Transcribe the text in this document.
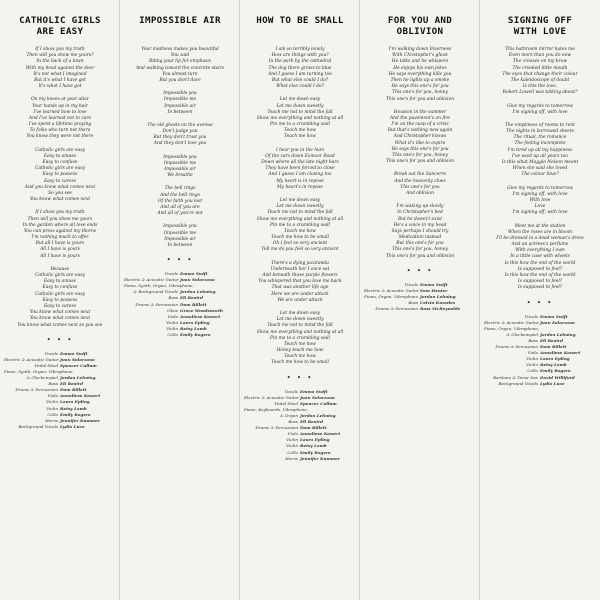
CATHOLIC GIRLS
ARE EASY
If I show you my truth
Then will you show me yours?
In the back of a town
With my head against the door
It's not what I imagined
But it's what I have got
It's what I have got
On my knees at your altar
Your hands up in my hair
I've learned how to love
And I've learned not to care
I've spent a lifetime praying
To folks who turn not there
You know they were not there
Catholic girls are easy
Easy to amuse
Easy to confuse
Catholic girls are easy
Easy to possess
Easy to caress
And you know what comes next
So you see
You know what comes next
If I show you my truth
Then will you show me yours
In the garden where all love ends
You can press against my thorns
I'm nothing much to offer
But all I have is yours
All I have is yours
All I have is yours
Because
Catholic girls are easy
Easy to amuse
Easy to confuse
Catholic girls are easy
Easy to possess
Easy to caress
You know what comes next
You know what comes next
You know what comes next so you see
• • •
Vocals Emma Swift
Electric & Acoustic GuitarJuan Solorzano
Pedal Steel Spencer Cullum
Piano, Synth, Organ, Vibraphone,
& Glockenspiel Jordan Lehning
Bass Eli Beaird
Drums & Percussion Dom Billett
Viola Annaliese Kowert
Violin Laura Epling
Violin Betsy Lamb
Cello Emily Rogers
Horns Jennifer Kummer
Background Vocals Lydia Luce
IMPOSSIBLE AIR
Your madness makes you beautiful
You said
Biting your lip for emphasis
And walking toward the concrete stairs
You almost turn
But you don't dare
Impossible you
Impossible me
Impossible air
In between
The old ghosts on the avenue
Don't judge you
But they don't trust you
And they don't love you
Impossible you
Impossible me
Impossible air
We breathe
The bell rings
And the bell rings
Of the faith you lost
And all of you are
And all of you're not
Impossible you
Impossible me
Impossible air
In between
• • •
Vocals Emma Swift
Electric & Acoustic GuitarJuan Solorzano
Piano, Synth, Organ, Vibraphone,
& Background Vocals Jordan Lehning
Bass Eli Beaird
Drums & Percussion Dom Billett
Oboe Grace Woodsworth
Viola Annaliese Kowert
Violin Laura Epling
Violin Betsy Lamb
Cello Emily Rogers
HOW TO BE SMALL
I am so terribly lonely
How are things with you?
In the park by the cathedral
The dog there grows to blue
And I guess I am turning too
But what else could I do?
What else could I do?
Let me down easy
Let me down sweetly
Teach me not to mind the fall
Show me everything and nothing at all
Pin me to a crumbling wall
Teach me how
Teach me how
I hear you in the hum
Of the cars down Exmoor Road
Down where all the late night bars
They have been forced to close
And I guess I am closing too
My heart is in repose
My heart's in repose
Let me down easy
Let me down sweetly
Teach me not to mind the fall
Show me everything and nothing at all
Pin me to a crumbling wall
Teach me how
Teach me how to be small
Oh I feel so very ancient
Tell me do you feel so very ancient
There's a dying jacaranda
Underneath her I once sat
And beneath those purple flowers
You whispered that you love me back
That was another life ago
Here we are under attack
We are under attack
Let me down easy
Let me down sweetly
Teach me not to mind the fall
Show me everything and nothing at all
Pin me to a crumbling wall
Teach me how
Honey teach me how
Teach me how
Teach me how to be small
• • •
Vocals Emma Swift
Electric & Acoustic GuitarJuan Solorzano
Pedal Steel Spencer Cullum
Piano, Keyboards, Vibraphone,
& Organ Jordan Lehning
Bass Eli Beaird
Drums & Percussion Dom Billett
Viola Annaliese Kowert
Violin Laura Epling
Violin Betsy Lamb
Cello Emily Rogers
Horns Jennifer Kummer
FOR YOU AND
OBLIVION
I'm walking down Inverness
With Christopher's ghost
He talks and he whispers
He enjoys his own jokes
He says everything kills you
Then he lights up a smoke
He says this one's for you
This one's for you, honey
This one's for you and oblivion
Houston in the summer
And the pavement's on fire
I'm on the cusp of a crisis
But that's nothing new again
And Christopher knows
What it's like to expire
He says this one's for you
This one's for you, honey
This one's for you and oblivion
Break out the Sancerre
And the heavenly clues
This one's for you
And oblivion
I'm waking up slowly
In Christopher's bed
But he doesn't exist
He's a voice in my head
Says perhaps I should try
Medication instead
But this one's for you
This one's for you, honey
This one's for you and oblivion
• • •
Vocals Emma Swift
Electric & Acoustic GuitarSam Henter
Piano, Organ, Vibraphone Jordan Lehning
Bass Calvin Knowles
Drums & Percussion Ross McReynolds
SIGNING OFF
WITH LOVE
This bathroom mirror hates me
Even more than you do now
The creases on my brow
The crooked little mouth
The eyes that change their colour
The kaleidoscope of doubt
Is this the love,
Robert Lowell was talking about?
Give my regards to tomorrow
I'm signing off, with love
The emptiness of rooms to rent
The nights in borrowed sheets
The ritual, the romance
The feeling incomplete
I'm tired up all my happiness
I've used up all yours too
Is this what Maggie Nelson meant
When she said she loved
The colour blue?
Give my regards to tomorrow
I'm signing off, with love
With love
Love
I'm signing off, with love
Meet me at the station
When the roses are in bloom
I'll be dressed in a dead woman's dress
And an actress's perfume
With everything I own
In a little case with wheels
Is this how the end of the world
Is supposed to feel?
Is this how the end of the world
Is supposed to feel?
Is supposed to feel?
• • •
Vocals Emma Swift
Electric & Acoustic GuitarJuan Solorzano
Piano, Organ, Vibraphone,
& Glockenspiel Jordan Lehning
Bass Eli Beaird
Drums & Percussion Dom Billett
Viola Annaliese Kowert
Violin Laura Epling
Violin Betsy Lamb
Cello Emily Rogers
Baritone & Tenor Sax David Williford
Background Vocals Lydia Luce
